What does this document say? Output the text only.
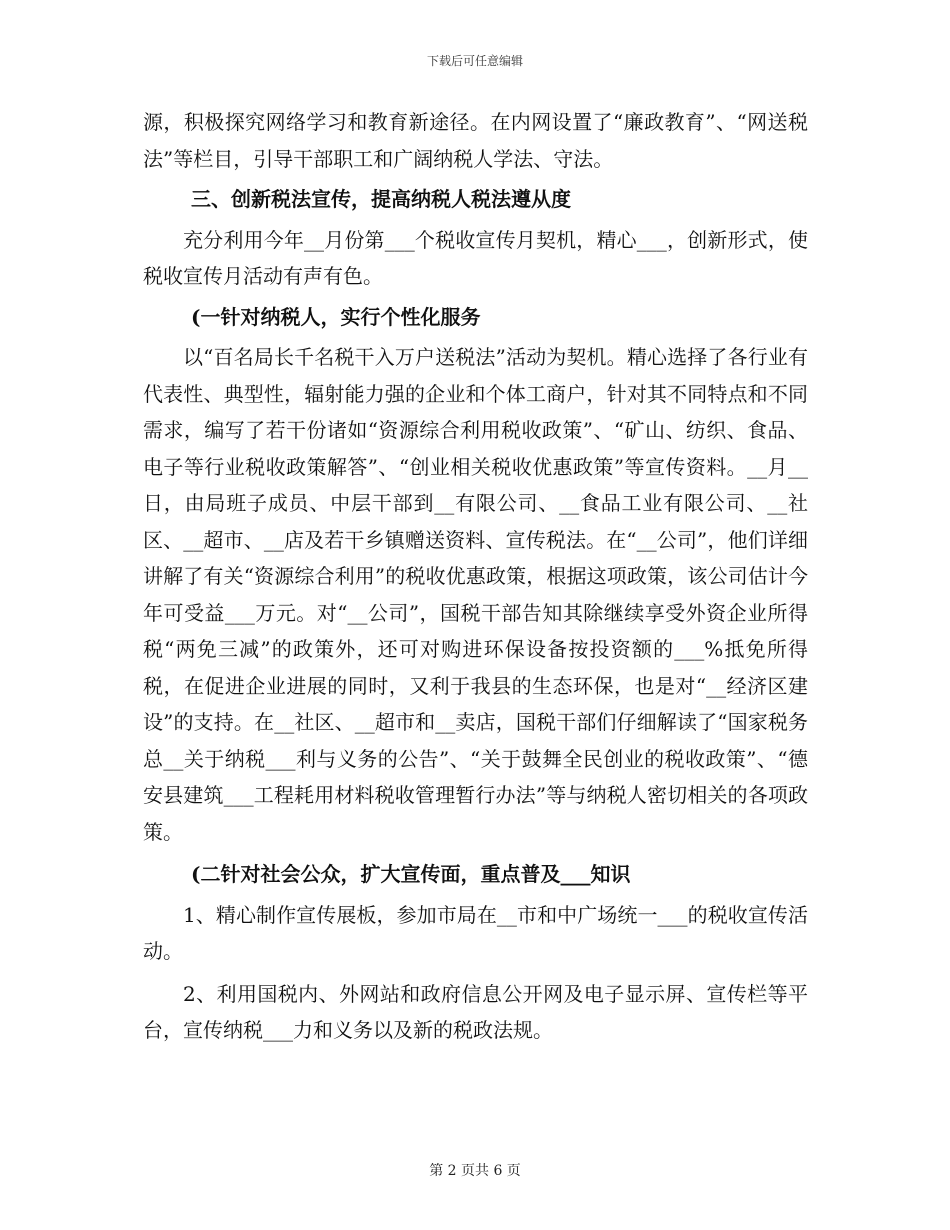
下载后可任意编辑

源，积极探究网络学习和教育新途径。在内网设置了“廉政教育”、“网送税法”等栏目，引导干部职工和广阔纳税人学法、守法。

三、创新税法宣传，提高纳税人税法遵从度

充分利用今年__月份第___个税收宣传月契机，精心___，创新形式，使税收宣传月活动有声有色。

(一针对纳税人，实行个性化服务

以“百名局长千名税干入万户送税法”活动为契机。精心选择了各行业有代表性、典型性，辐射能力强的企业和个体工商户，针对其不同特点和不同需求，编写了若干份诸如“资源综合利用税收政策”、“矿山、纺织、食品、电子等行业税收政策解答”、“创业相关税收优惠政策”等宣传资料。__月__日，由局班子成员、中层干部到__有限公司、__食品工业有限公司、__社区、__超市、__店及若干乡镇赠送资料、宣传税法。在“__公司”，他们详细讲解了有关“资源综合利用”的税收优惠政策，根据这项政策，该公司估计今年可受益___万元。对“__公司”，国税干部告知其除继续享受外资企业所得税“两免三减”的政策外，还可对购进环保设备按投资额的___%抵免所得税，在促进企业进展的同时，又利于我县的生态环保，也是对“__经济区建设”的支持。在__社区、__超市和__卖店，国税干部们仔细解读了“国家税务总__关于纳税___利与义务的公告”、“关于鼓舞全民创业的税收政策”、“德安县建筑___工程耗用材料税收管理暂行办法”等与纳税人密切相关的各项政策。

(二针对社会公众，扩大宣传面，重点普及___知识

1、精心制作宣传展板，参加市局在__市和中广场统一___的税收宣传活动。

2、利用国税内、外网站和政府信息公开网及电子显示屏、宣传栏等平台，宣传纳税___力和义务以及新的税政法规。

第 2 页共 6 页
